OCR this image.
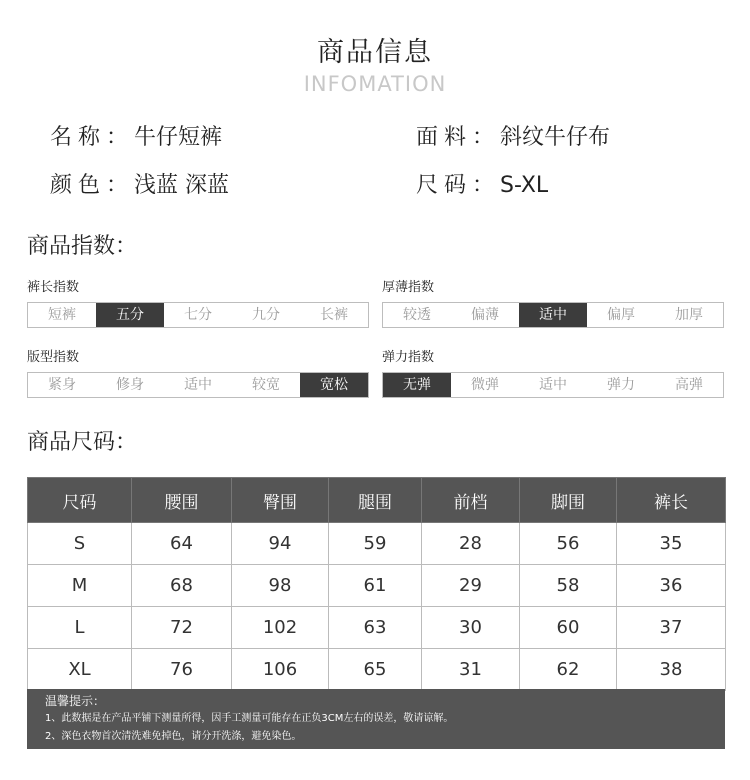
商品信息
INFOMATION
名称：牛仔短裤	面料：斜纹牛仔布
颜色：浅蓝 深蓝	尺码：S-XL
商品指数：
裤长指数
短裤	五分	七分	九分	长裤
厚薄指数
较透	偏薄	适中	偏厚	加厚
版型指数
紧身	修身	适中	较宽	宽松
弹力指数
无弹	微弹	适中	弹力	高弹
商品尺码：
尺码	腰围	臀围	腿围	前档	脚围	裤长
S	64	94	59	28	56	35
M	68	98	61	29	58	36
L	72	102	63	30	60	37
XL	76	106	65	31	62	38
温馨提示：
1、此数据是在产品平铺下测量所得，因手工测量可能存在正负3CM左右的误差，敬请谅解。
2、深色衣物首次清洗难免掉色，请分开洗涤，避免染色。
